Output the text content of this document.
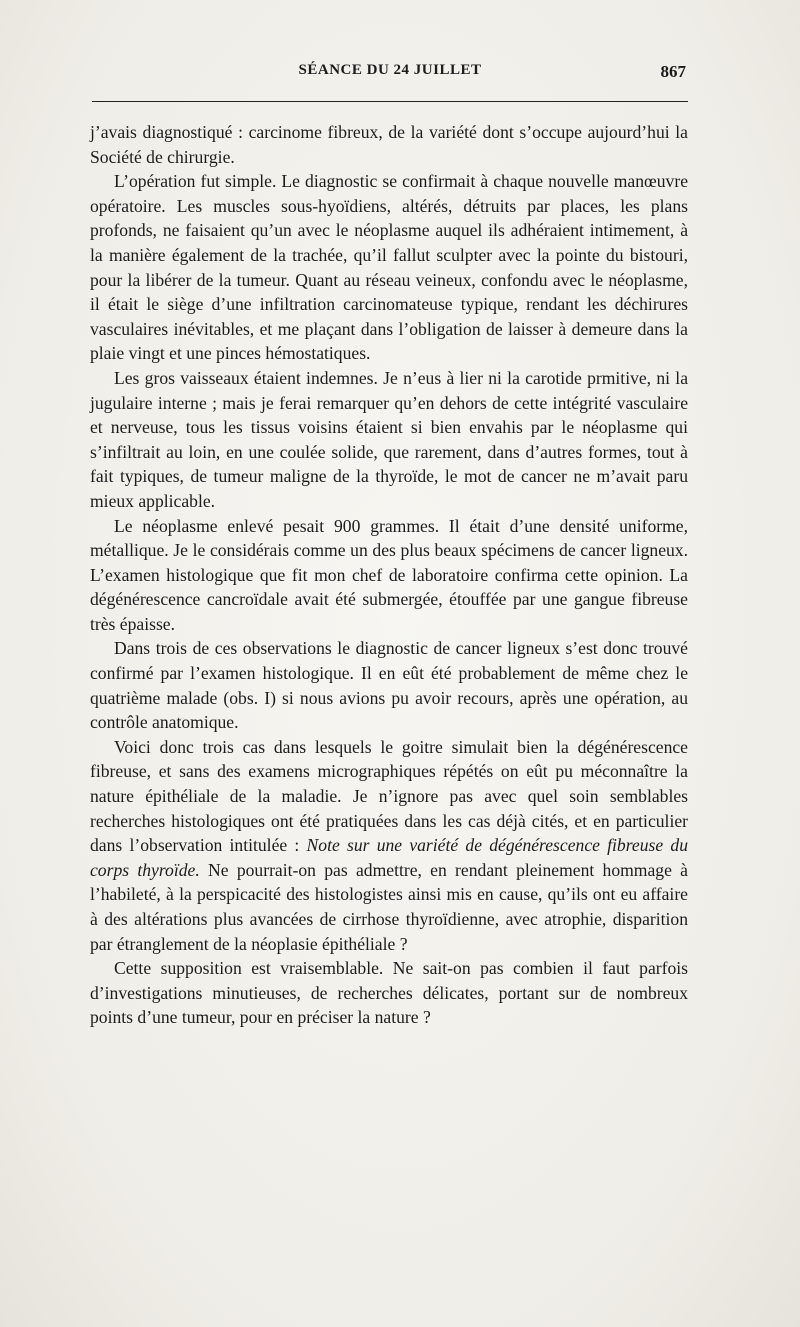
SÉANCE DU 24 JUILLET	867

j’avais diagnostiqué : carcinome fibreux, de la variété dont s’occupe aujourd’hui la Société de chirurgie.

L’opération fut simple. Le diagnostic se confirmait à chaque nouvelle manœuvre opératoire. Les muscles sous-hyoïdiens, altérés, détruits par places, les plans profonds, ne faisaient qu’un avec le néoplasme auquel ils adhéraient intimement, à la manière également de la trachée, qu’il fallut sculpter avec la pointe du bistouri, pour la libérer de la tumeur. Quant au réseau veineux, confondu avec le néoplasme, il était le siège d’une infiltration carcinomateuse typique, rendant les déchirures vasculaires inévitables, et me plaçant dans l’obligation de laisser à demeure dans la plaie vingt et une pinces hémostatiques.

Les gros vaisseaux étaient indemnes. Je n’eus à lier ni la carotide prmitive, ni la jugulaire interne ; mais je ferai remarquer qu’en dehors de cette intégrité vasculaire et nerveuse, tous les tissus voisins étaient si bien envahis par le néoplasme qui s’infiltrait au loin, en une coulée solide, que rarement, dans d’autres formes, tout à fait typiques, de tumeur maligne de la thyroïde, le mot de cancer ne m’avait paru mieux applicable.

Le néoplasme enlevé pesait 900 grammes. Il était d’une densité uniforme, métallique. Je le considérais comme un des plus beaux spécimens de cancer ligneux. L’examen histologique que fit mon chef de laboratoire confirma cette opinion. La dégénérescence cancroïdale avait été submergée, étouffée par une gangue fibreuse très épaisse.

Dans trois de ces observations le diagnostic de cancer ligneux s’est donc trouvé confirmé par l’examen histologique. Il en eût été probablement de même chez le quatrième malade (obs. I) si nous avions pu avoir recours, après une opération, au contrôle anatomique.

Voici donc trois cas dans lesquels le goitre simulait bien la dégénérescence fibreuse, et sans des examens micrographiques répétés on eût pu méconnaître la nature épithéliale de la maladie. Je n’ignore pas avec quel soin semblables recherches histologiques ont été pratiquées dans les cas déjà cités, et en particulier dans l’observation intitulée : Note sur une variété de dégénérescence fibreuse du corps thyroïde. Ne pourrait-on pas admettre, en rendant pleinement hommage à l’habileté, à la perspicacité des histologistes ainsi mis en cause, qu’ils ont eu affaire à des altérations plus avancées de cirrhose thyroïdienne, avec atrophie, disparition par étranglement de la néoplasie épithéliale ?

Cette supposition est vraisemblable. Ne sait-on pas combien il faut parfois d’investigations minutieuses, de recherches délicates, portant sur de nombreux points d’une tumeur, pour en préciser la nature ?
